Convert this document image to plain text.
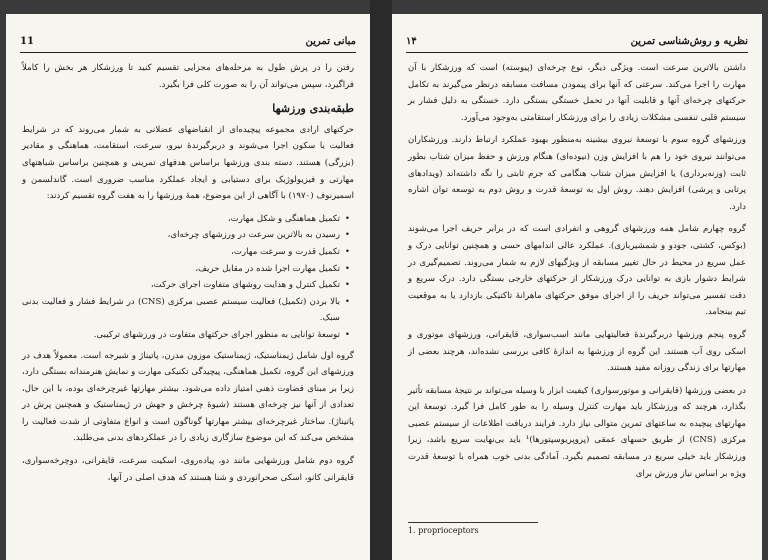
11	مبانی تمرین

رفتن را در پرش طول به مرحله‌های مجزایی تقسیم کنید تا ورزشکار هر بخش را کاملاً فراگیرد، سپس می‌تواند آن را به صورت کلی فرا بگیرد.

طبقه‌بندی ورزشها

حرکتهای ارادی مجموعه پیچیده‌ای از انقباضهای عضلانی به شمار می‌روند که در شرایط فعالیت یا سکون اجرا می‌شوند و دربرگیرندهٔ نیرو، سرعت، استقامت، هماهنگی و مقادیر (بزرگی) هستند. دسته بندی ورزشها براساس هدفهای تمرینی و همچنین براساس شباهتهای مهارتی و فیزیولوژیک برای دستیابی و ایجاد عملکرد مناسب ضروری است. گاندلسمن و اسمیرنوف (۱۹۷۰) با آگاهی از این موضوع، همهٔ ورزشها را به هفت گروه تقسیم کردند:

• تکمیل هماهنگی و شکل مهارت،
• رسیدن به بالاترین سرعت در ورزشهای چرخه‌ای،
• تکمیل قدرت و سرعت مهارت،
• تکمیل مهارت اجرا شده در مقابل حریف،
• تکمیل کنترل و هدایت روشهای متفاوت اجرای حرکت،
• بالا بردن (تکمیل) فعالیت سیستم عصبی مرکزی (CNS) در شرایط فشار و فعالیت بدنی سبک.
• توسعهٔ توانایی به منظور اجرای حرکتهای متفاوت در ورزشهای ترکیبی.

گروه اول شامل ژیمناستیک، ژیمناستیک موزون مدرن، پاتیناژ و شیرجه است. معمولاً هدف در ورزشهای این گروه، تکمیل هماهنگی، پیچیدگی تکنیکی مهارت و نمایش هنرمندانه بستگی دارد، زیرا بر مبنای قضاوت ذهنی امتیاز داده می‌شود. بیشتر مهارتها غیرچرخه‌ای بوده، با این حال، تعدادی از آنها نیز چرخه‌ای هستند (شیوهٔ چرخش و جهش در ژیمناستیک و همچنین پرش در پاتیناژ). ساختار غیرچرخه‌ای بیشتر مهارتها گوناگون است و انواع متفاوتی از شدت فعالیت را مشخص می‌کند که این موضوع سازگاری زیادی را در عملکردهای بدنی می‌طلبد.

گروه دوم شامل ورزشهایی مانند دو، پیاده‌روی، اسکیت سرعت، قایقرانی، دوچرخه‌سواری، قایقرانی کانو، اسکی صحرانوردی و شنا هستند که هدف اصلی در آنها،

۱۴	نظریه و روش‌شناسی تمرین

داشتن بالاترین سرعت است. ویژگی دیگر، نوع چرخه‌ای (پیوسته) است که ورزشکار با آن مهارت را اجرا می‌کند. سرعتی که آنها برای پیمودن مسافت مسابقه درنظر می‌گیرند به تکامل حرکتهای چرخه‌ای آنها و قابلیت آنها در تحمل خستگی بستگی دارد. خستگی به دلیل فشار بر سیستم قلبی تنفسی مشکلات زیادی را برای ورزشکار استقامتی به‌وجود می‌آورد.

ورزشهای گروه سوم با توسعهٔ نیروی بیشینه به‌منظور بهبود عملکرد ارتباط دارند. ورزشکاران می‌توانند نیروی خود را هم با افزایش وزن (نیوده‌ای) هنگام ورزش و حفظ میزان شتاب بطور ثابت (وزنه‌برداری) یا افزایش میزان شتاب هنگامی که جرم ثابتی را نگه داشته‌اند (ویدادهای پرتابی و پرشی) افزایش دهند. روش اول به توسعهٔ قدرت و روش دوم به توسعه توان اشاره دارد.

گروه چهارم شامل همه ورزشهای گروهی و انفرادی است که در برابر حریف اجرا می‌شوند (بوکس، کشتی، جودو و شمشیربازی). عملکرد عالی اندامهای حسی و همچنین توانایی درک و عمل سریع در محیط در حال تغییر مسابقه از ویژگیهای لازم به شمار می‌روند. تصمیم‌گیری در شرایط دشوار بازی به توانایی درک ورزشکار از حرکتهای خارجی بستگی دارد. درک سریع و دقت تفسیر می‌تواند حریف را از اجرای موفق حرکتهای ماهرانهٔ تاکتیکی بازدارد یا به موقعیت تیم بینجامد.

گروه پنجم ورزشها دربرگیرندهٔ فعالیتهایی مانند اسب‌سواری، قایقرانی، ورزشهای موتوری و اسکی روی آب هستند. این گروه از ورزشها به اندازهٔ کافی بررسی نشده‌اند، هرچند بعضی از مهارتها برای زندگی روزانه مفید هستند.

در بعضی ورزشها (قایقرانی و موتورسواری) کیفیت ابزار با وسیله می‌تواند بر نتیجهٔ مسابقه تأثیر بگذارد، هرچند که ورزشکار باید مهارت کنترل وسیله را به طور کامل فرا گیرد. توسعهٔ این مهارتهای پیچیده به ساعتهای تمرین متوالی نیاز دارد. فرایند دریافت اطلاعات از سیستم عصبی مرکزی (CNS) از طریق حسهای عمقی (پروپریوسپتورها)¹ باید بی‌نهایت سریع باشد، زیرا ورزشکار باید خیلی سریع در مسابقه تصمیم بگیرد. آمادگی بدنی خوب همراه با توسعهٔ قدرت ویژه بر اساس نیاز ورزش برای

1. proprioceptors
